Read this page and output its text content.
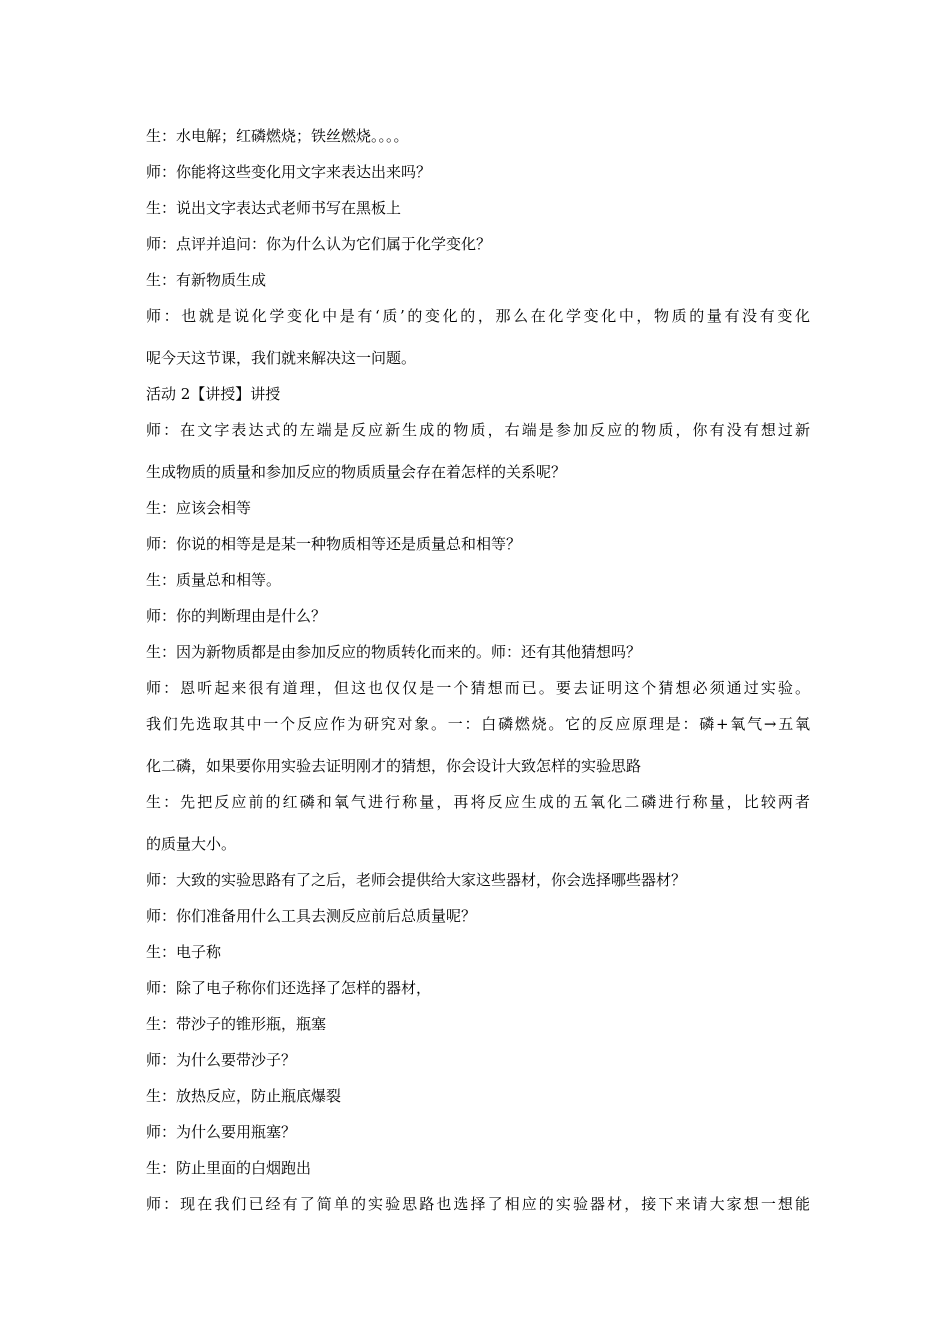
生：水电解；红磷燃烧；铁丝燃烧。。。。
师：你能将这些变化用文字来表达出来吗？
生：说出文字表达式老师书写在黑板上
师：点评并追问：你为什么认为它们属于化学变化？
生：有新物质生成
师：也就是说化学变化中是有‘质’的变化的，那么在化学变化中，物质的量有没有变化
呢今天这节课，我们就来解决这一问题。
活动 2【讲授】讲授
师：在文字表达式的左端是反应新生成的物质，右端是参加反应的物质，你有没有想过新
生成物质的质量和参加反应的物质质量会存在着怎样的关系呢？
生：应该会相等
师：你说的相等是是某一种物质相等还是质量总和相等？
生：质量总和相等。
师：你的判断理由是什么？
生：因为新物质都是由参加反应的物质转化而来的。师：还有其他猜想吗？
师：恩听起来很有道理，但这也仅仅是一个猜想而已。要去证明这个猜想必须通过实验。
我们先选取其中一个反应作为研究对象。一：白磷燃烧。它的反应原理是：磷+氧气→五氧
化二磷，如果要你用实验去证明刚才的猜想，你会设计大致怎样的实验思路
生：先把反应前的红磷和氧气进行称量，再将反应生成的五氧化二磷进行称量，比较两者
的质量大小。
师：大致的实验思路有了之后，老师会提供给大家这些器材，你会选择哪些器材？
师：你们准备用什么工具去测反应前后总质量呢？
生：电子称
师：除了电子称你们还选择了怎样的器材，
生：带沙子的锥形瓶，瓶塞
师：为什么要带沙子？
生：放热反应，防止瓶底爆裂
师：为什么要用瓶塞？
生：防止里面的白烟跑出
师：现在我们已经有了简单的实验思路也选择了相应的实验器材，接下来请大家想一想能
